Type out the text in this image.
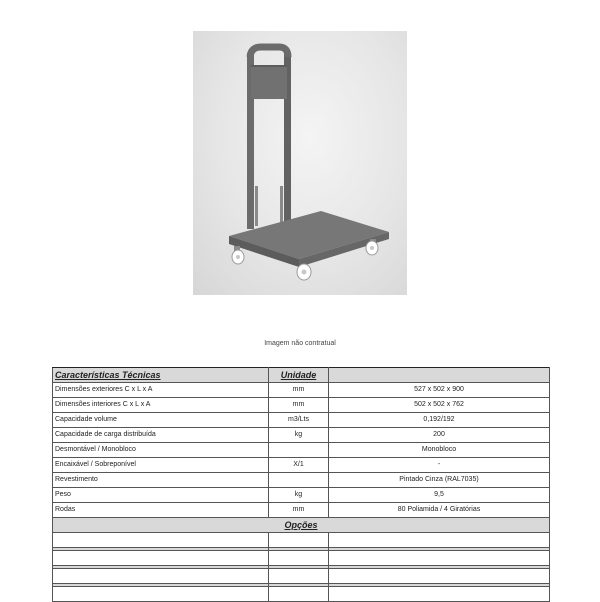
Imagem não contratual
Características Técnicas	Unidade	
Dimensões exteriores C x L x A	mm	527 x 502 x 900
Dimensões interiores C x L x A	mm	502 x 502 x 762
Capacidade volume	m3/Lts	0,192/192
Capacidade de carga distribuída	kg	200
Desmontável / Monobloco		Monobloco
Encaixável / Sobreponível	X/1	-
Revestimento		Pintado Cinza (RAL7035)
Peso	kg	9,5
Rodas	mm	80 Poliamida / 4 Giratórias
Opções		
